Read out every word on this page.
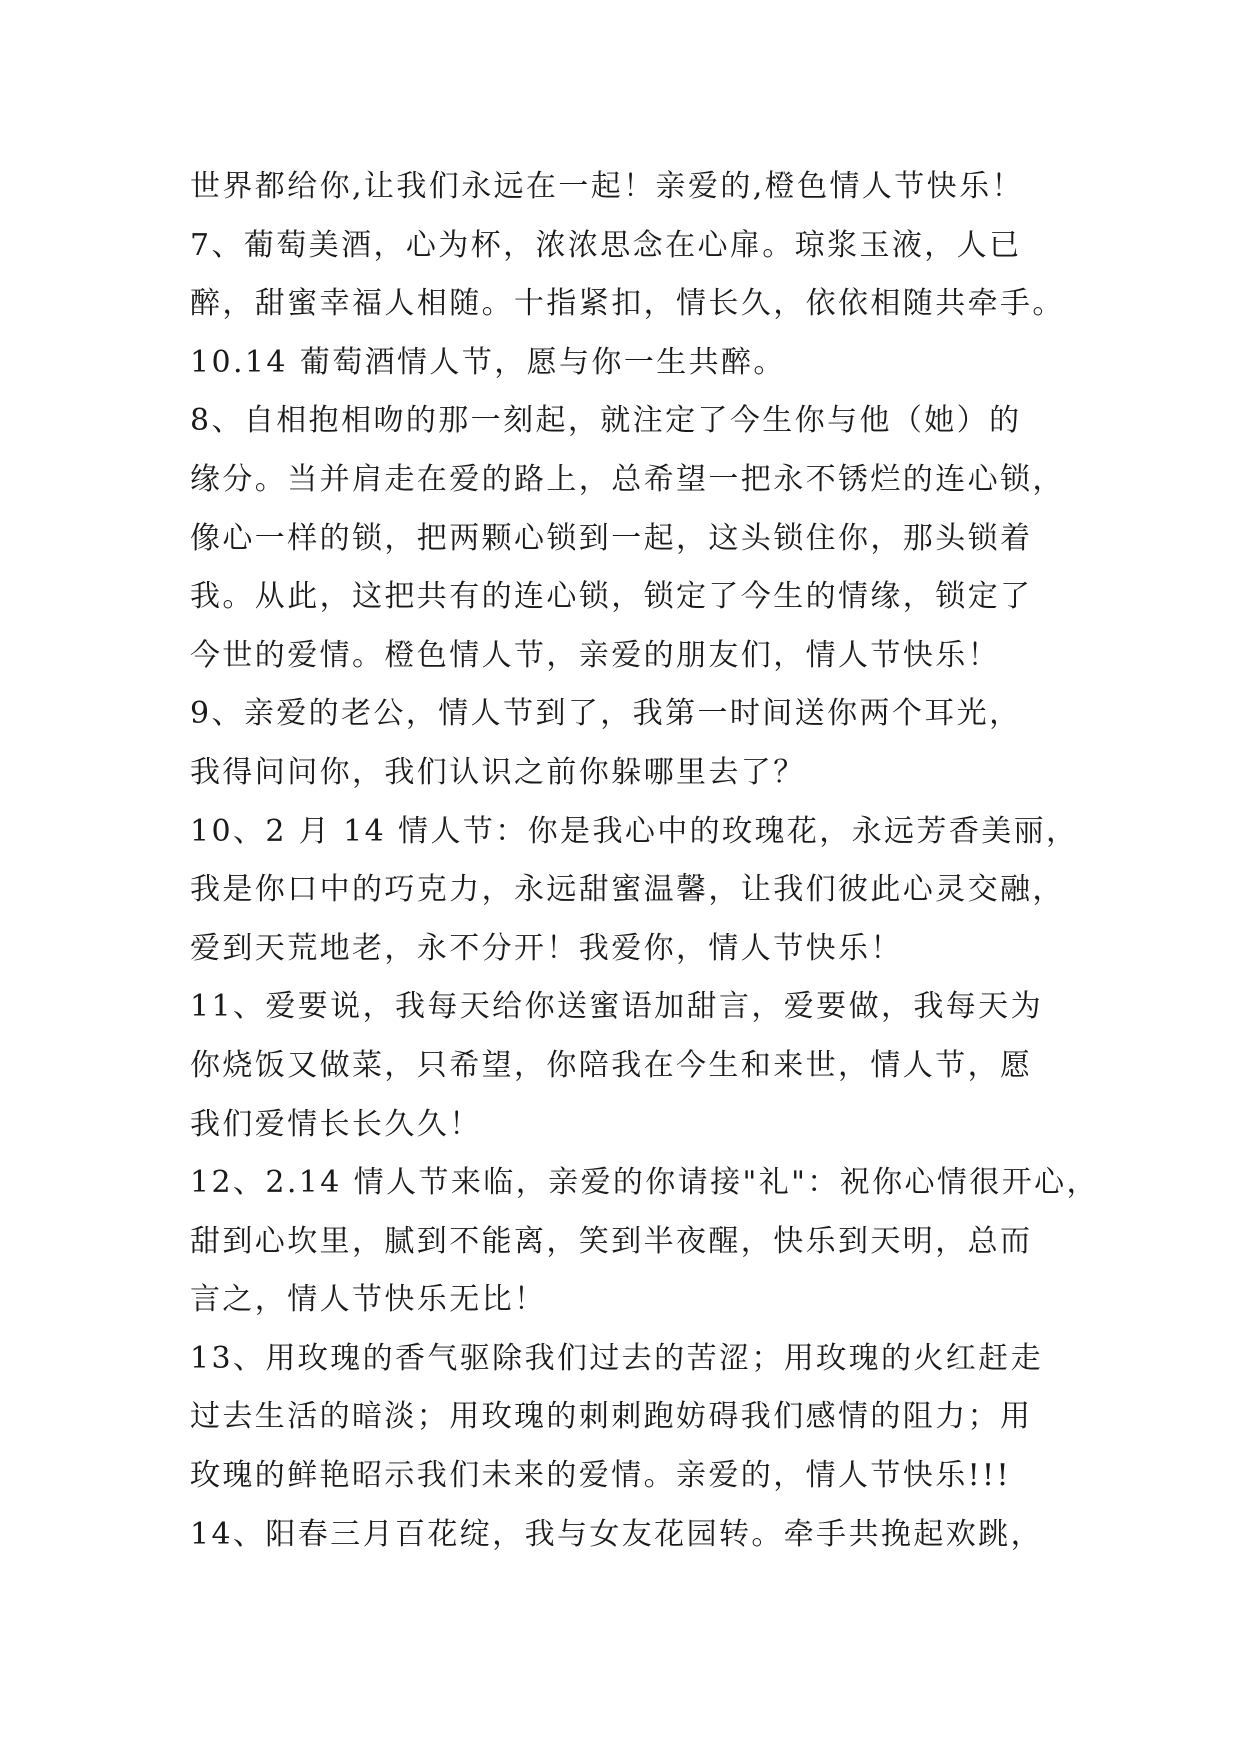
世界都给你,让我们永远在一起！亲爱的,橙色情人节快乐！
7、葡萄美酒，心为杯，浓浓思念在心扉。琼浆玉液，人已
醉，甜蜜幸福人相随。十指紧扣，情长久，依依相随共牵手。
10.14 葡萄酒情人节，愿与你一生共醉。
8、自相抱相吻的那一刻起，就注定了今生你与他（她）的
缘分。当并肩走在爱的路上，总希望一把永不锈烂的连心锁，
像心一样的锁，把两颗心锁到一起，这头锁住你，那头锁着
我。从此，这把共有的连心锁，锁定了今生的情缘，锁定了
今世的爱情。橙色情人节，亲爱的朋友们，情人节快乐！
9、亲爱的老公，情人节到了，我第一时间送你两个耳光，
我得问问你，我们认识之前你躲哪里去了？
10、2 月 14 情人节：你是我心中的玫瑰花，永远芳香美丽，
我是你口中的巧克力，永远甜蜜温馨，让我们彼此心灵交融，
爱到天荒地老，永不分开！我爱你，情人节快乐！
11、爱要说，我每天给你送蜜语加甜言，爱要做，我每天为
你烧饭又做菜，只希望，你陪我在今生和来世，情人节，愿
我们爱情长长久久！
12、2.14 情人节来临，亲爱的你请接"礼"：祝你心情很开心，
甜到心坎里，腻到不能离，笑到半夜醒，快乐到天明，总而
言之，情人节快乐无比！
13、用玫瑰的香气驱除我们过去的苦涩；用玫瑰的火红赶走
过去生活的暗淡；用玫瑰的刺刺跑妨碍我们感情的阻力；用
玫瑰的鲜艳昭示我们未来的爱情。亲爱的，情人节快乐!!!
14、阳春三月百花绽，我与女友花园转。牵手共挽起欢跳，
